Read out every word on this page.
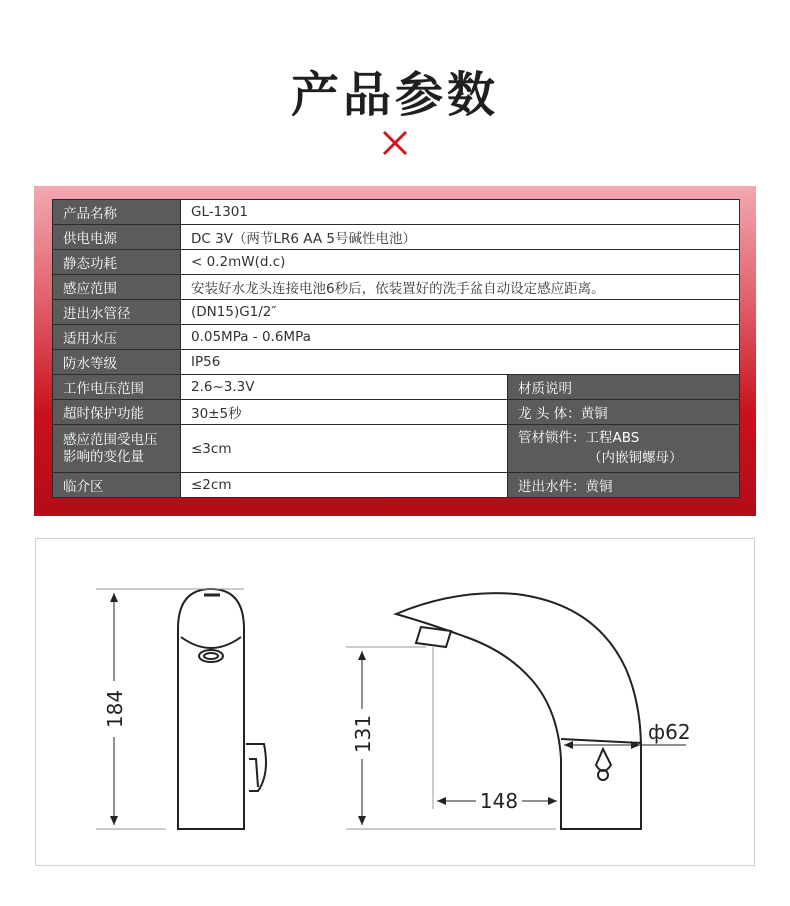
产品参数
产品名称	GL-1301	
供电电源	DC 3V（两节LR6 AA 5号碱性电池）	
静态功耗	< 0.2mW(d.c)	
感应范围	安装好水龙头连接电池6秒后，依装置好的洗手盆自动设定感应距离。	
进出水管径	(DN15)G1/2″	
适用水压	0.05MPa - 0.6MPa	
防水等级	IP56	
工作电压范围	2.6~3.3V	材质说明
超时保护功能	30±5秒	龙 头 体：黄铜
感应范围受电压影响的变化量	≤3cm	管材锁件：工程ABS
（内嵌铜螺母）

临介区	≤2cm	进出水件：黄铜
184
131
148
ф62
